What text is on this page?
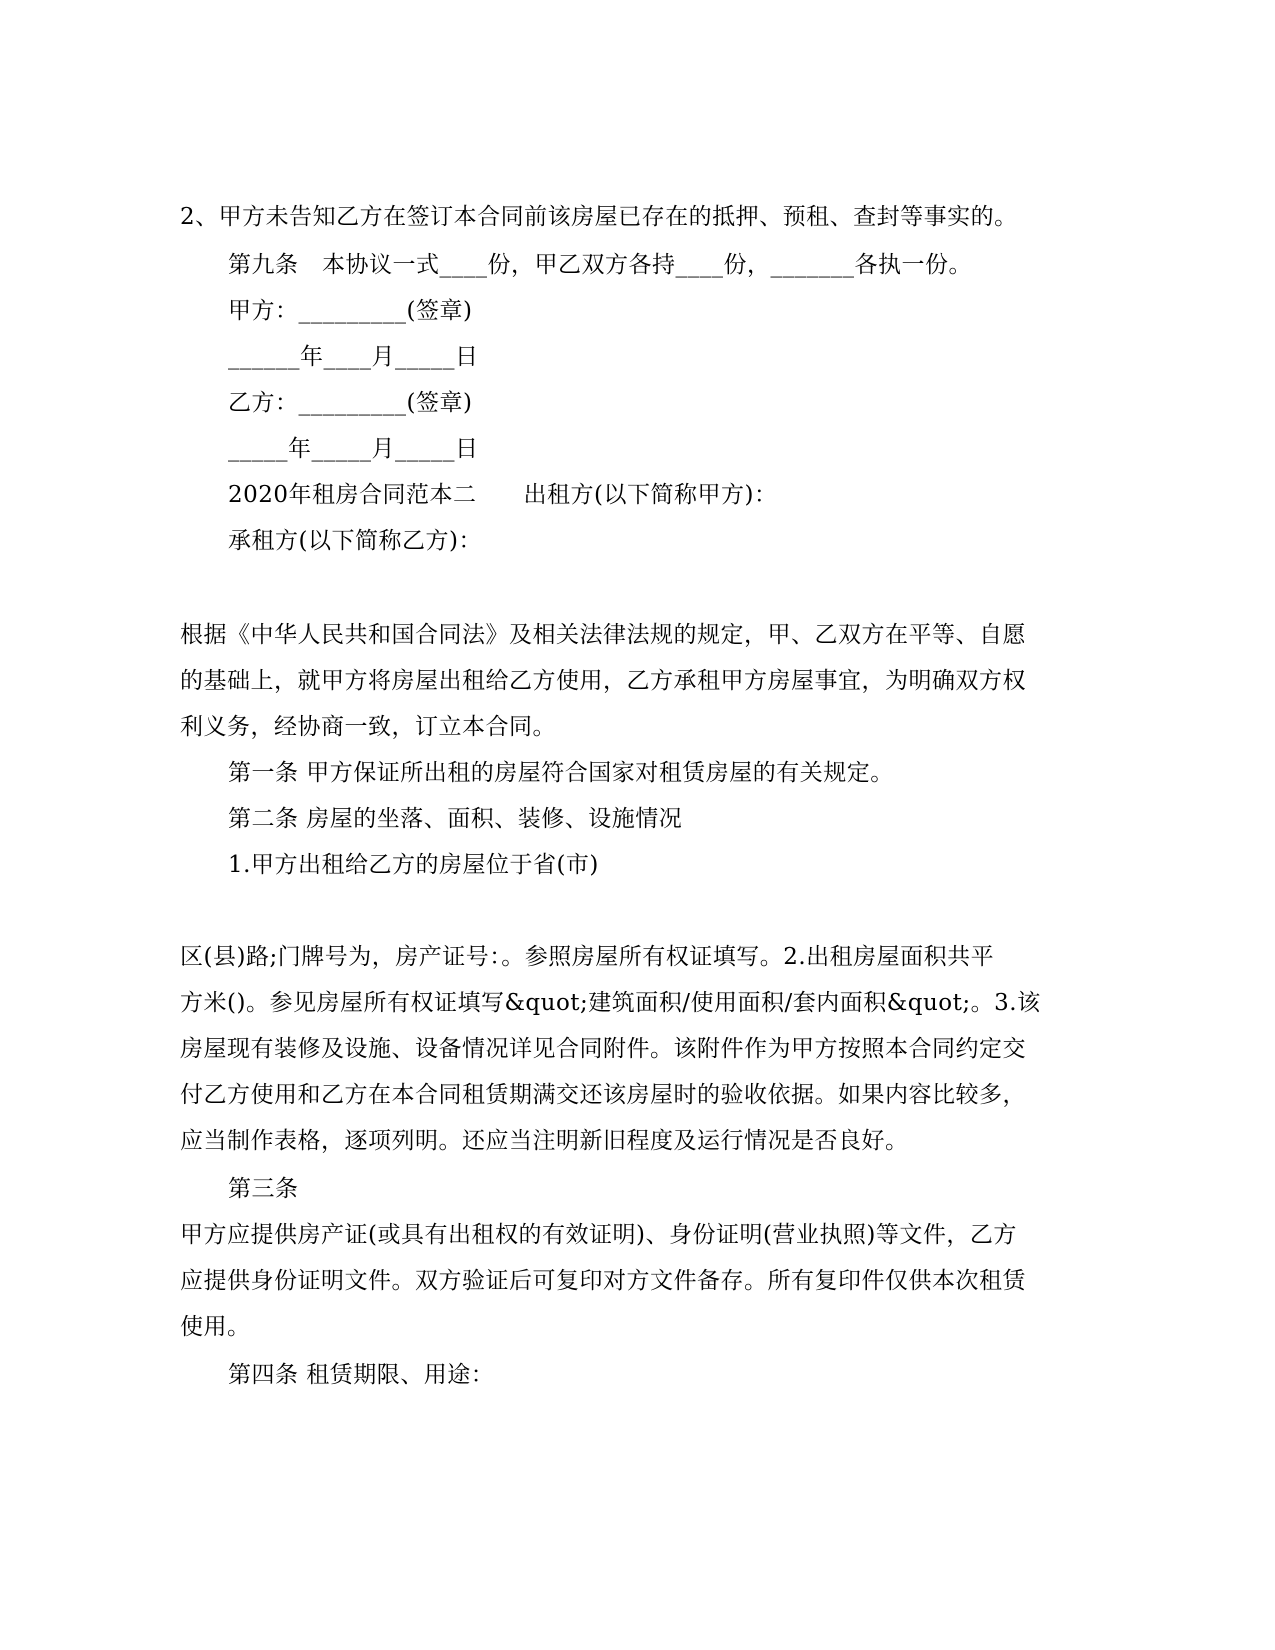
2、甲方未告知乙方在签订本合同前该房屋已存在的抵押、预租、查封等事实的。
第九条　本协议一式____份，甲乙双方各持____份，_______各执一份。
甲方：_________(签章)
______年____月_____日
乙方：_________(签章)
_____年_____月_____日
2020年租房合同范本二　　出租方(以下简称甲方)：
承租方(以下简称乙方)：
根据《中华人民共和国合同法》及相关法律法规的规定，甲、乙双方在平等、自愿
的基础上，就甲方将房屋出租给乙方使用，乙方承租甲方房屋事宜，为明确双方权
利义务，经协商一致，订立本合同。
第一条 甲方保证所出租的房屋符合国家对租赁房屋的有关规定。
第二条 房屋的坐落、面积、装修、设施情况
1.甲方出租给乙方的房屋位于省(市)
区(县)路;门牌号为，房产证号：。参照房屋所有权证填写。2.出租房屋面积共平
方米()。参见房屋所有权证填写&quot;建筑面积/使用面积/套内面积&quot;。3.该
房屋现有装修及设施、设备情况详见合同附件。该附件作为甲方按照本合同约定交
付乙方使用和乙方在本合同租赁期满交还该房屋时的验收依据。如果内容比较多，
应当制作表格，逐项列明。还应当注明新旧程度及运行情况是否良好。
第三条
甲方应提供房产证(或具有出租权的有效证明)、身份证明(营业执照)等文件，乙方
应提供身份证明文件。双方验证后可复印对方文件备存。所有复印件仅供本次租赁
使用。
第四条 租赁期限、用途：
